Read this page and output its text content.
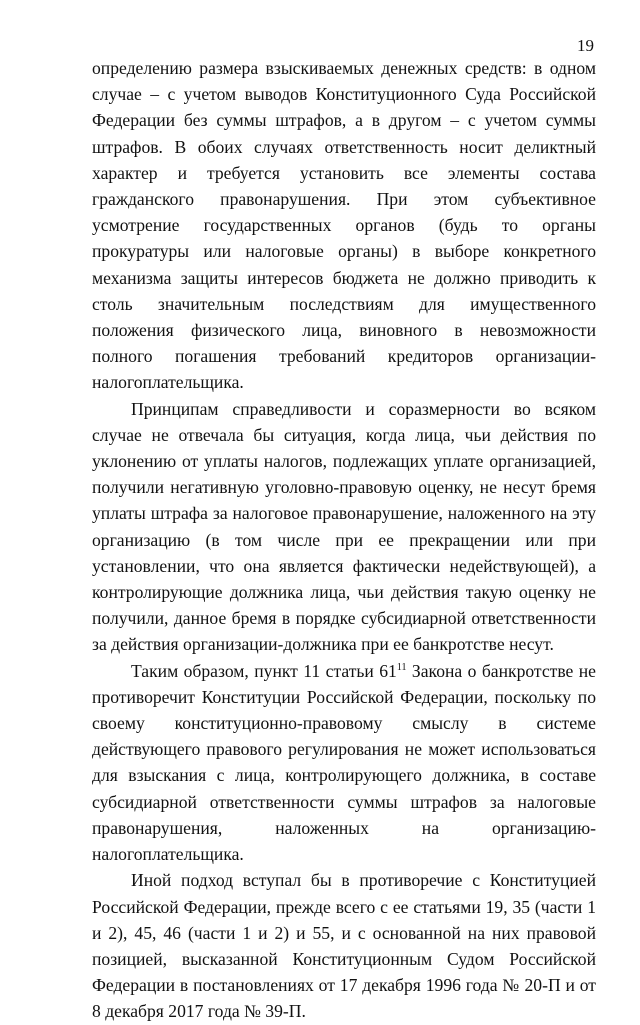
19

определению размера взыскиваемых денежных средств: в одном случае – с учетом выводов Конституционного Суда Российской Федерации без суммы штрафов, а в другом – с учетом суммы штрафов. В обоих случаях ответственность носит деликтный характер и требуется установить все элементы состава гражданского правонарушения. При этом субъективное усмотрение государственных органов (будь то органы прокуратуры или налоговые органы) в выборе конкретного механизма защиты интересов бюджета не должно приводить к столь значительным последствиям для имущественного положения физического лица, виновного в невозможности полного погашения требований кредиторов организации-налогоплательщика.

Принципам справедливости и соразмерности во всяком случае не отвечала бы ситуация, когда лица, чьи действия по уклонению от уплаты налогов, подлежащих уплате организацией, получили негативную уголовно-правовую оценку, не несут бремя уплаты штрафа за налоговое правонарушение, наложенного на эту организацию (в том числе при ее прекращении или при установлении, что она является фактически недействующей), а контролирующие должника лица, чьи действия такую оценку не получили, данное бремя в порядке субсидиарной ответственности за действия организации-должника при ее банкротстве несут.

Таким образом, пункт 11 статьи $61^{11}$ Закона о банкротстве не противоречит Конституции Российской Федерации, поскольку по своему конституционно-правовому смыслу в системе действующего правового регулирования не может использоваться для взыскания с лица, контролирующего должника, в составе субсидиарной ответственности суммы штрафов за налоговые правонарушения, наложенных на организацию-налогоплательщика.

Иной подход вступал бы в противоречие с Конституцией Российской Федерации, прежде всего с ее статьями 19, 35 (части 1 и 2), 45, 46 (части 1 и 2) и 55, и с основанной на них правовой позицией, высказанной Конституционным Судом Российской Федерации в постановлениях от 17 декабря 1996 года № 20-П и от 8 декабря 2017 года № 39-П.
